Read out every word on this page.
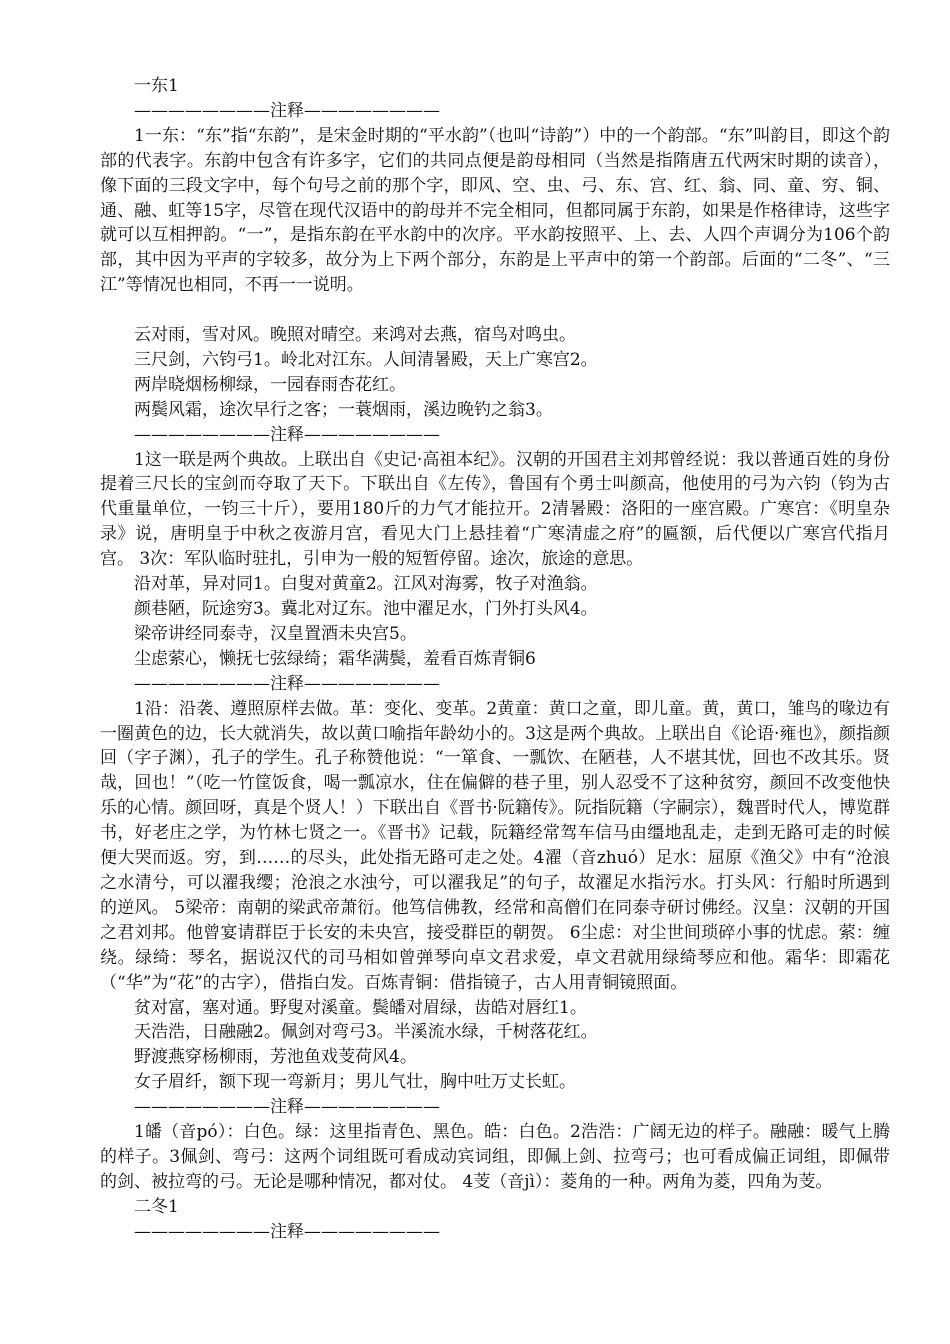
一东1

————————注释————————

1一东：“东”指“东韵”，是宋金时期的“平水韵”（也叫“诗韵”）中的一个韵部。“东”叫韵目，即这个韵部的代表字。东韵中包含有许多字，它们的共同点便是韵母相同（当然是指隋唐五代两宋时期的读音），像下面的三段文字中，每个句号之前的那个字，即风、空、虫、弓、东、宫、红、翁、同、童、穷、铜、通、融、虹等15字，尽管在现代汉语中的韵母并不完全相同，但都同属于东韵，如果是作格律诗，这些字就可以互相押韵。“一”，是指东韵在平水韵中的次序。平水韵按照平、上、去、人四个声调分为106个韵部，其中因为平声的字较多，故分为上下两个部分，东韵是上平声中的第一个韵部。后面的“二冬”、“三江”等情况也相同，不再一一说明。

云对雨，雪对风。晚照对晴空。来鸿对去燕，宿鸟对鸣虫。

三尺剑，六钧弓1。岭北对江东。人间清暑殿，天上广寒宫2。

两岸晓烟杨柳绿，一园春雨杏花红。

两鬓风霜，途次早行之客；一蓑烟雨，溪边晚钓之翁3。

————————注释————————

1这一联是两个典故。上联出自《史记·高祖本纪》。汉朝的开国君主刘邦曾经说：我以普通百姓的身份提着三尺长的宝剑而夺取了天下。下联出自《左传》，鲁国有个勇士叫颜高，他使用的弓为六钧（钧为古代重量单位，一钧三十斤），要用180斤的力气才能拉开。2清暑殿：洛阳的一座宫殿。广寒宫：《明皇杂录》说，唐明皇于中秋之夜游月宫，看见大门上悬挂着“广寒清虚之府”的匾额，后代便以广寒宫代指月宫。 3次：军队临时驻扎，引申为一般的短暂停留。途次，旅途的意思。

沿对革，异对同1。白叟对黄童2。江风对海雾，牧子对渔翁。

颜巷陋，阮途穷3。冀北对辽东。池中濯足水，门外打头风4。

梁帝讲经同泰寺，汉皇置酒未央宫5。

尘虑萦心，懒抚七弦绿绮；霜华满鬓，羞看百炼青铜6

————————注释————————

1沿：沿袭、遵照原样去做。革：变化、变革。2黄童：黄口之童，即儿童。黄，黄口，雏鸟的喙边有一圈黄色的边，长大就消失，故以黄口喻指年龄幼小的。3这是两个典故。上联出自《论语·雍也》，颜指颜回（字子渊），孔子的学生。孔子称赞他说：“一箪食、一瓢饮、在陋巷，人不堪其忧，回也不改其乐。贤哉，回也！”（吃一竹筐饭食，喝一瓢凉水，住在偏僻的巷子里，别人忍受不了这种贫穷，颜回不改变他快乐的心情。颜回呀，真是个贤人！）下联出自《晋书·阮籍传》。阮指阮籍（字嗣宗），魏晋时代人，博览群书，好老庄之学，为竹林七贤之一。《晋书》记载，阮籍经常驾车信马由缰地乱走，走到无路可走的时候便大哭而返。穷，到……的尽头，此处指无路可走之处。4濯（音zhuó）足水：屈原《渔父》中有“沧浪之水清兮，可以濯我缨；沧浪之水浊兮，可以濯我足”的句子，故濯足水指污水。打头风：行船时所遇到的逆风。 5梁帝：南朝的梁武帝萧衍。他笃信佛教，经常和高僧们在同泰寺研讨佛经。汉皇：汉朝的开国之君刘邦。他曾宴请群臣于长安的未央宫，接受群臣的朝贺。 6尘虑：对尘世间琐碎小事的忧虑。萦：缠绕。绿绮：琴名，据说汉代的司马相如曾弹琴向卓文君求爱，卓文君就用绿绮琴应和他。霜华：即霜花（“华”为“花”的古字），借指白发。百炼青铜：借指镜子，古人用青铜镜照面。

贫对富，塞对通。野叟对溪童。鬓皤对眉绿，齿皓对唇红1。

天浩浩，日融融2。佩剑对弯弓3。半溪流水绿，千树落花红。

野渡燕穿杨柳雨，芳池鱼戏芰荷风4。

女子眉纤，额下现一弯新月；男儿气壮，胸中吐万丈长虹。

————————注释————————

1皤（音pó）：白色。绿：这里指青色、黑色。皓：白色。2浩浩：广阔无边的样子。融融：暖气上腾的样子。3佩剑、弯弓：这两个词组既可看成动宾词组，即佩上剑、拉弯弓；也可看成偏正词组，即佩带的剑、被拉弯的弓。无论是哪种情况，都对仗。 4芰（音jì）：菱角的一种。两角为菱，四角为芰。

二冬1

————————注释————————
